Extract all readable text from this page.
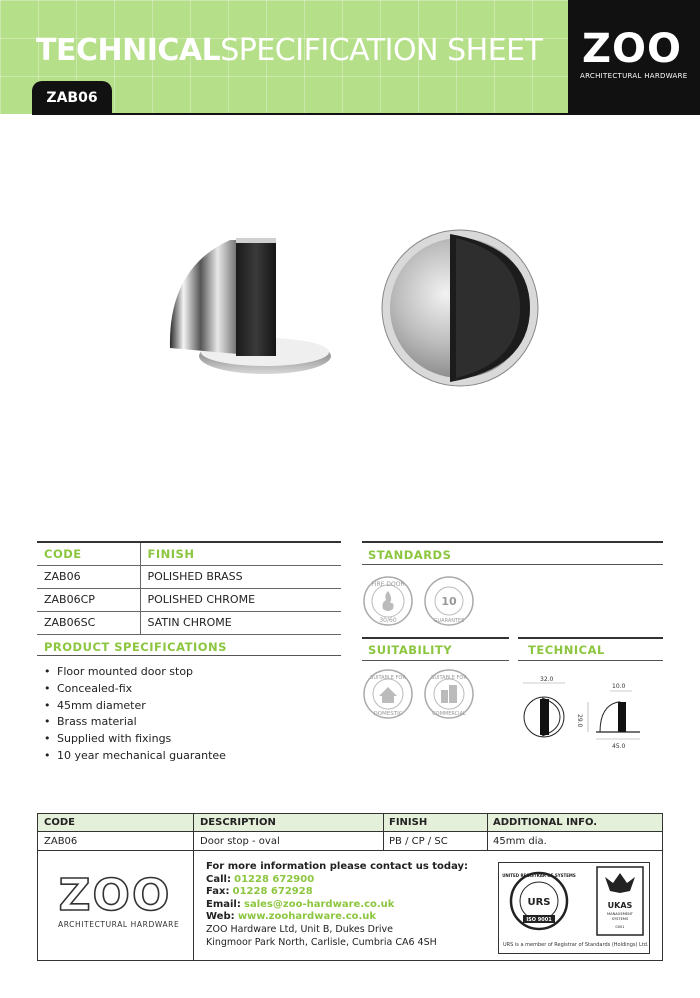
TECHNICALSPECIFICATION SHEET
ZAB06
ZOO
ARCHITECTURAL HARDWARE
CODE	FINISH
ZAB06	POLISHED BRASS
ZAB06CP	POLISHED CHROME
ZAB06SC	SATIN CHROME
PRODUCT SPECIFICATIONS
• Floor mounted door stop
• Concealed-fix
• 45mm diameter
• Brass material
• Supplied with fixings
• 10 year mechanical guarantee
STANDARDS
FIRE DOOR
30/60
10
GUARANTEE
SUITABILITY
SUITABLE FOR
DOMESTIC
SUITABLE FOR
COMMERCIAL
TECHNICAL
32.0
10.0
29.0
45.0
CODE	DESCRIPTION	FINISH	ADDITIONAL INFO.
ZAB06	Door stop - oval	PB / CP / SC	45mm dia.
ZOO
ARCHITECTURAL HARDWARE
For more information please contact us today:
Call: 01228 672900
Fax: 01228 672928
Email: sales@zoo-hardware.co.uk
Web: www.zoohardware.co.uk
ZOO Hardware Ltd, Unit B, Dukes Drive
Kingmoor Park North, Carlisle, Cumbria CA6 4SH
URS
UNITED REGISTRAR OF SYSTEMS
ISO 9001
UKAS
MANAGEMENT
SYSTEMS
0001
URS is a member of Registrar of Standards (Holdings) Ltd.
